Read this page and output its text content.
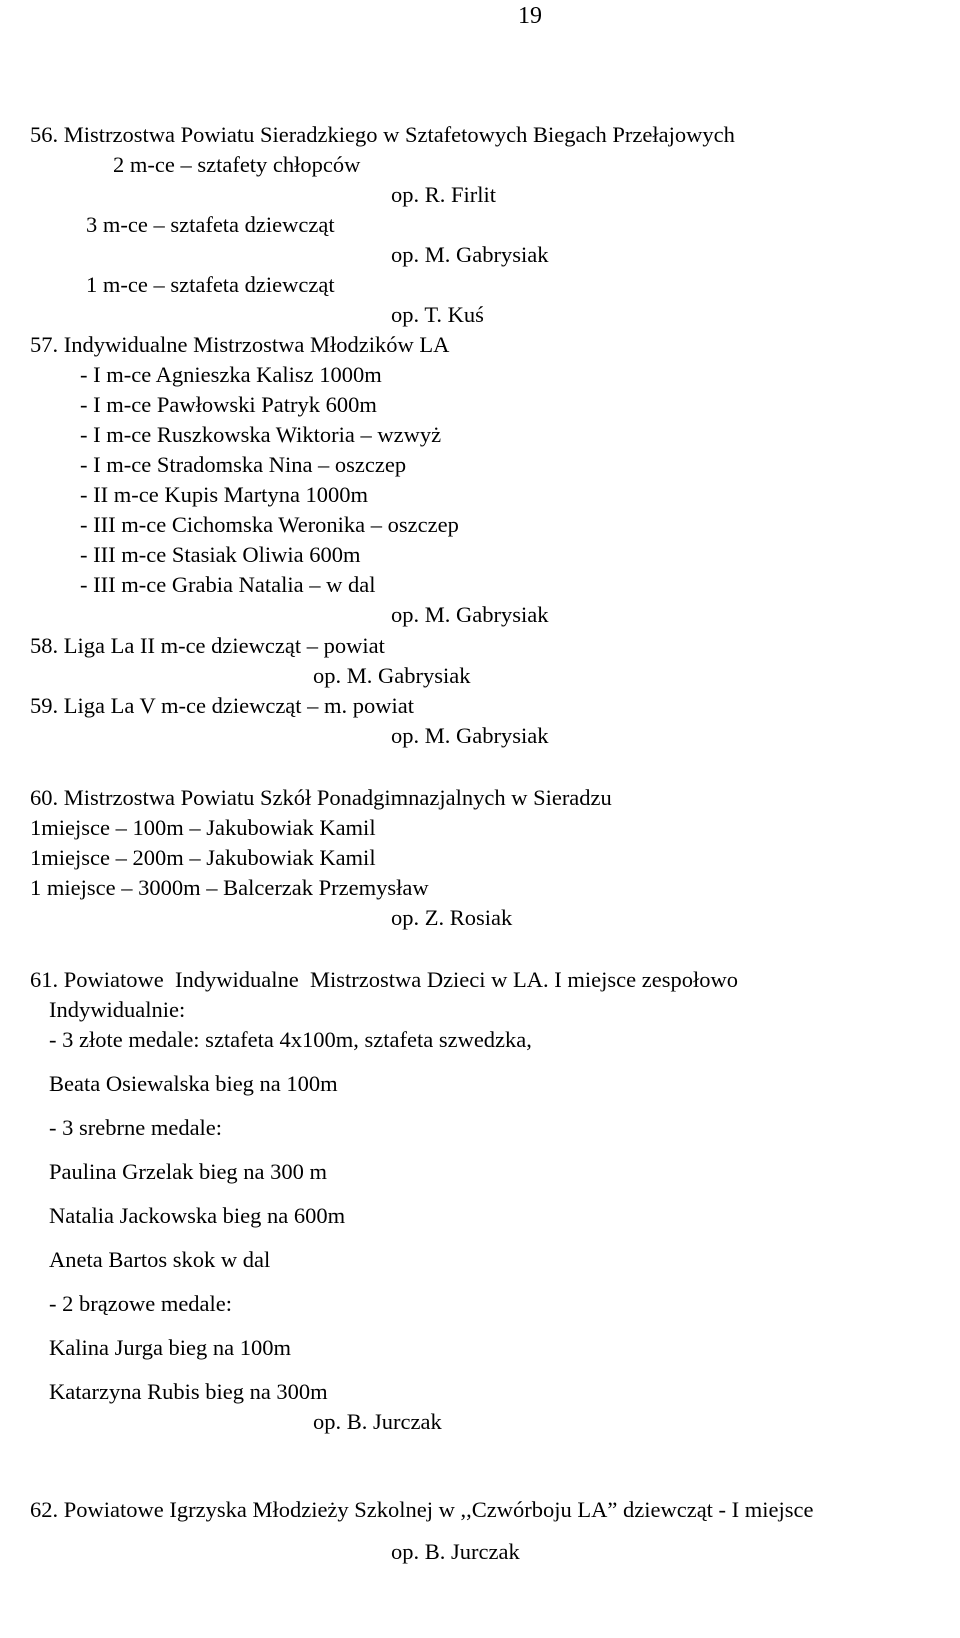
19
56. Mistrzostwa Powiatu Sieradzkiego w Sztafetowych Biegach Przełajowych
2 m-ce – sztafety chłopców
op. R. Firlit
3 m-ce – sztafeta dziewcząt
op. M. Gabrysiak
1 m-ce – sztafeta dziewcząt
op. T. Kuś
57. Indywidualne Mistrzostwa Młodzików LA
- I m-ce Agnieszka Kalisz 1000m
- I m-ce Pawłowski Patryk 600m
- I m-ce Ruszkowska Wiktoria – wzwyż
- I m-ce Stradomska Nina – oszczep
- II m-ce Kupis Martyna 1000m
- III m-ce Cichomska Weronika – oszczep
- III m-ce Stasiak Oliwia 600m
- III m-ce Grabia Natalia – w dal
op. M. Gabrysiak
58. Liga La II m-ce dziewcząt – powiat
op. M. Gabrysiak
59. Liga La V m-ce dziewcząt – m. powiat
op. M. Gabrysiak
60. Mistrzostwa Powiatu Szkół Ponadgimnazjalnych w Sieradzu
1miejsce – 100m – Jakubowiak Kamil
1miejsce – 200m – Jakubowiak Kamil
1 miejsce – 3000m – Balcerzak Przemysław
op. Z. Rosiak
61. Powiatowe  Indywidualne  Mistrzostwa Dzieci w LA. I miejsce zespołowo
Indywidualnie:
- 3 złote medale: sztafeta 4x100m, sztafeta szwedzka,
Beata Osiewalska bieg na 100m
- 3 srebrne medale:
Paulina Grzelak bieg na 300 m
Natalia Jackowska bieg na 600m
Aneta Bartos skok w dal
- 2 brązowe medale:
Kalina Jurga bieg na 100m
Katarzyna Rubis bieg na 300m
op. B. Jurczak
62. Powiatowe Igrzyska Młodzieży Szkolnej w ,,Czwórboju LA” dziewcząt - I miejsce
op. B. Jurczak
